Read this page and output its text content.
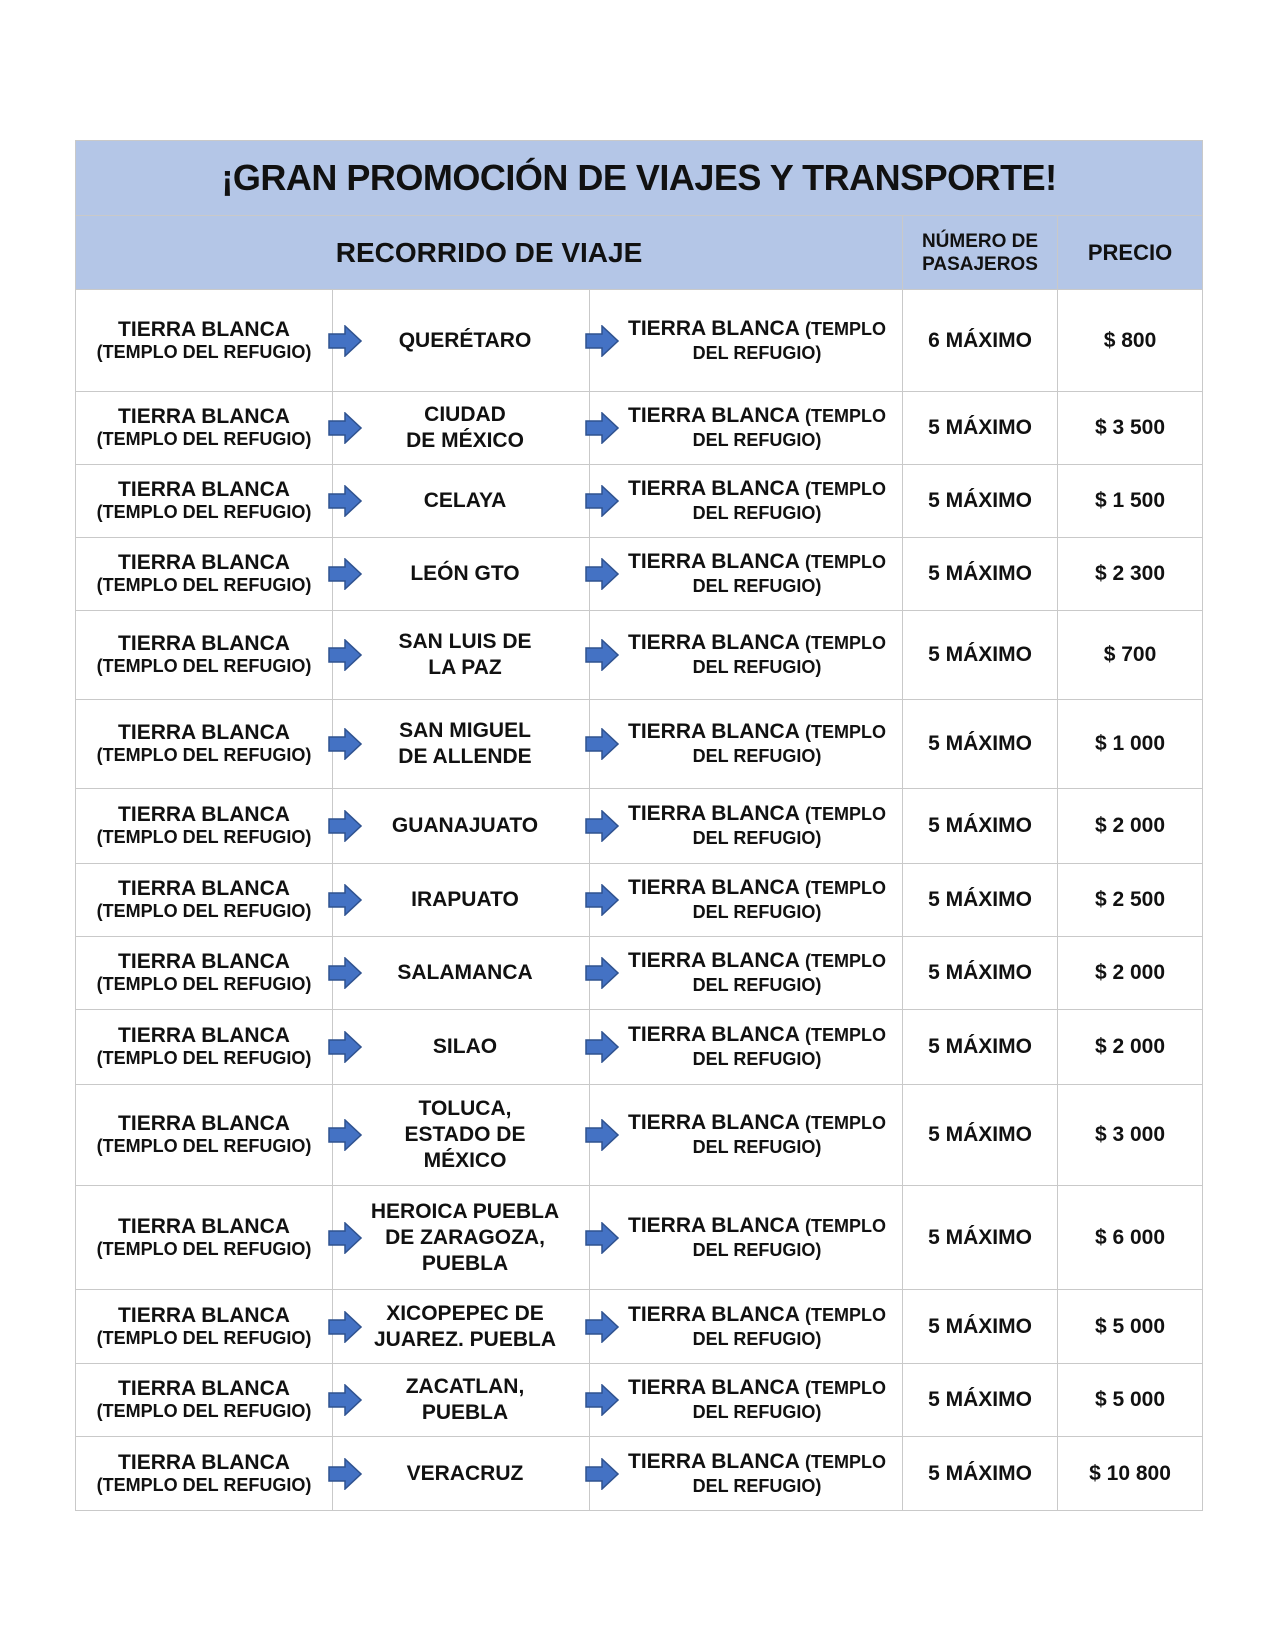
¡GRAN PROMOCIÓN DE VIAJES Y TRANSPORTE!				
RECORRIDO DE VIAJE			NÚMERO DE PASAJEROS	PRECIO

TIERRA BLANCA
(TEMPLO DEL REFUGIO)	QUERÉTARO	TIERRA BLANCA (TEMPLO
DEL REFUGIO)	6 MÁXIMO	$ 800

TIERRA BLANCA
(TEMPLO DEL REFUGIO)	CIUDAD
DE MÉXICO	TIERRA BLANCA (TEMPLO
DEL REFUGIO)	5 MÁXIMO	$ 3 500

TIERRA BLANCA
(TEMPLO DEL REFUGIO)	CELAYA	TIERRA BLANCA (TEMPLO
DEL REFUGIO)	5 MÁXIMO	$ 1 500

TIERRA BLANCA
(TEMPLO DEL REFUGIO)	LEÓN GTO	TIERRA BLANCA (TEMPLO
DEL REFUGIO)	5 MÁXIMO	$ 2 300

TIERRA BLANCA
(TEMPLO DEL REFUGIO)	SAN LUIS DE
LA PAZ	TIERRA BLANCA (TEMPLO
DEL REFUGIO)	5 MÁXIMO	$ 700

TIERRA BLANCA
(TEMPLO DEL REFUGIO)	SAN MIGUEL
DE ALLENDE	TIERRA BLANCA (TEMPLO
DEL REFUGIO)	5 MÁXIMO	$ 1 000

TIERRA BLANCA
(TEMPLO DEL REFUGIO)	GUANAJUATO	TIERRA BLANCA (TEMPLO
DEL REFUGIO)	5 MÁXIMO	$ 2 000

TIERRA BLANCA
(TEMPLO DEL REFUGIO)	IRAPUATO	TIERRA BLANCA (TEMPLO
DEL REFUGIO)	5 MÁXIMO	$ 2 500

TIERRA BLANCA
(TEMPLO DEL REFUGIO)	SALAMANCA	TIERRA BLANCA (TEMPLO
DEL REFUGIO)	5 MÁXIMO	$ 2 000

TIERRA BLANCA
(TEMPLO DEL REFUGIO)	SILAO	TIERRA BLANCA (TEMPLO
DEL REFUGIO)	5 MÁXIMO	$ 2 000

TIERRA BLANCA
(TEMPLO DEL REFUGIO)	TOLUCA,
ESTADO DE
MÉXICO	TIERRA BLANCA (TEMPLO
DEL REFUGIO)	5 MÁXIMO	$ 3 000

TIERRA BLANCA
(TEMPLO DEL REFUGIO)	HEROICA PUEBLA
DE ZARAGOZA,
PUEBLA	TIERRA BLANCA (TEMPLO
DEL REFUGIO)	5 MÁXIMO	$ 6 000

TIERRA BLANCA
(TEMPLO DEL REFUGIO)	XICOPEPEC DE
JUAREZ. PUEBLA	TIERRA BLANCA (TEMPLO
DEL REFUGIO)	5 MÁXIMO	$ 5 000

TIERRA BLANCA
(TEMPLO DEL REFUGIO)	ZACATLAN,
PUEBLA	TIERRA BLANCA (TEMPLO
DEL REFUGIO)	5 MÁXIMO	$ 5 000

TIERRA BLANCA
(TEMPLO DEL REFUGIO)	VERACRUZ	TIERRA BLANCA (TEMPLO
DEL REFUGIO)	5 MÁXIMO	$ 10 800
